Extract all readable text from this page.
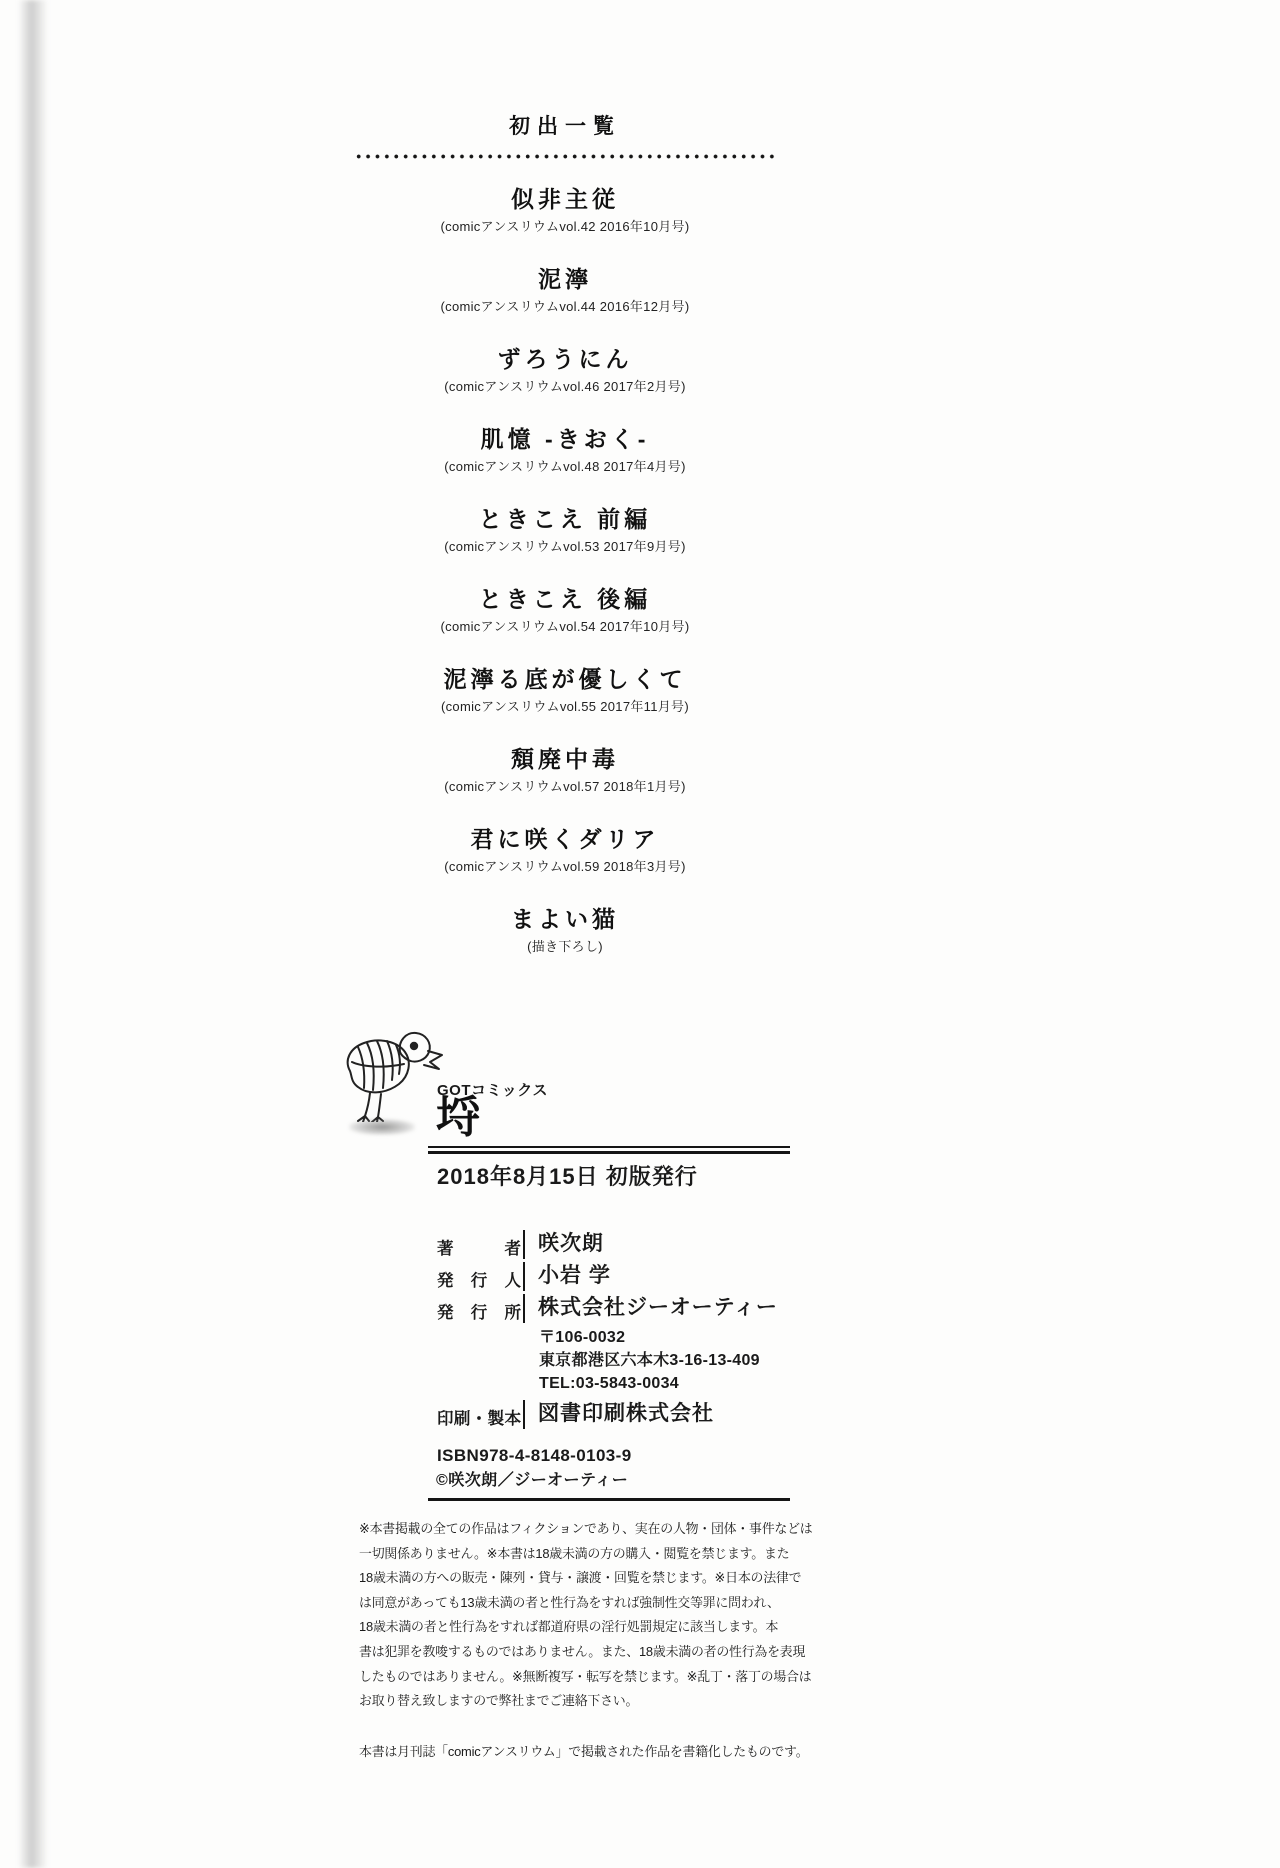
初出一覧
似非主従
(comicアンスリウムvol.42 2016年10月号)
泥濘
(comicアンスリウムvol.44 2016年12月号)
ずろうにん
(comicアンスリウムvol.46 2017年2月号)
肌憶 -きおく-
(comicアンスリウムvol.48 2017年4月号)
ときこえ 前編
(comicアンスリウムvol.53 2017年9月号)
ときこえ 後編
(comicアンスリウムvol.54 2017年10月号)
泥濘る底が優しくて
(comicアンスリウムvol.55 2017年11月号)
頽廃中毒
(comicアンスリウムvol.57 2018年1月号)
君に咲くダリア
(comicアンスリウムvol.59 2018年3月号)
まよい猫
(描き下ろし)
GOTコミックス
埒
2018年8月15日 初版発行
著者 咲次朗
発行人 小岩 学
発行所 株式会社ジーオーティー
〒106-0032
東京都港区六本木3-16-13-409
TEL:03-5843-0034
印刷・製本 図書印刷株式会社
ISBN978-4-8148-0103-9
©咲次朗／ジーオーティー
※本書掲載の全ての作品はフィクションであり、実在の人物・団体・事件などは
一切関係ありません。※本書は18歳未満の方の購入・閲覧を禁じます。また
18歳未満の方への販売・陳列・貸与・譲渡・回覧を禁じます。※日本の法律で
は同意があっても13歳未満の者と性行為をすれば強制性交等罪に問われ、
18歳未満の者と性行為をすれば都道府県の淫行処罰規定に該当します。本
書は犯罪を教唆するものではありません。また、18歳未満の者の性行為を表現
したものではありません。※無断複写・転写を禁じます。※乱丁・落丁の場合は
お取り替え致しますので弊社までご連絡下さい。
本書は月刊誌「comicアンスリウム」で掲載された作品を書籍化したものです。
